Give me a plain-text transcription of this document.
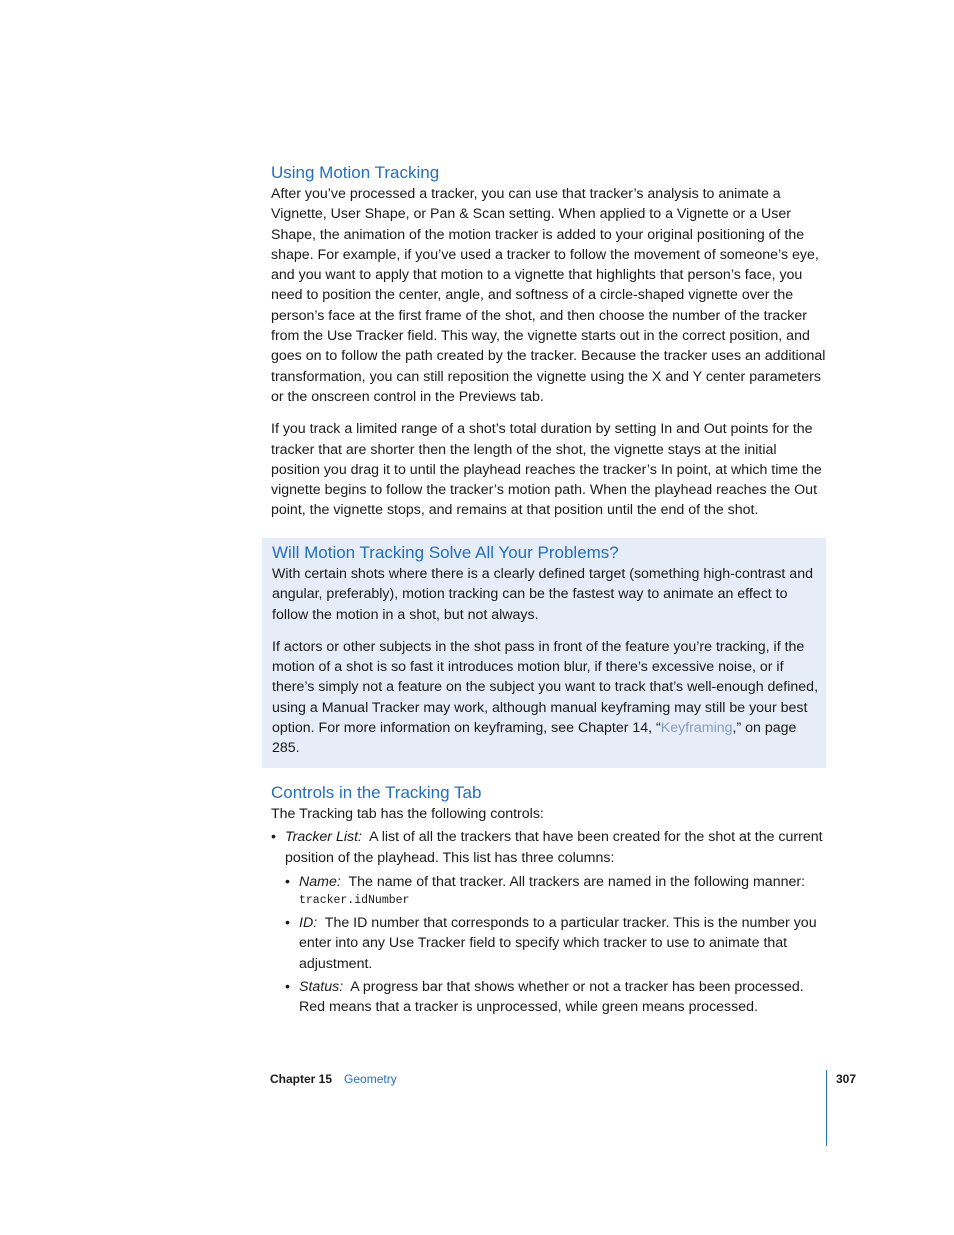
Using Motion Tracking

After you’ve processed a tracker, you can use that tracker’s analysis to animate a Vignette, User Shape, or Pan & Scan setting. When applied to a Vignette or a User Shape, the animation of the motion tracker is added to your original positioning of the shape. For example, if you’ve used a tracker to follow the movement of someone’s eye, and you want to apply that motion to a vignette that highlights that person’s face, you need to position the center, angle, and softness of a circle-shaped vignette over the person’s face at the first frame of the shot, and then choose the number of the tracker from the Use Tracker field. This way, the vignette starts out in the correct position, and goes on to follow the path created by the tracker. Because the tracker uses an additional transformation, you can still reposition the vignette using the X and Y center parameters or the onscreen control in the Previews tab.

If you track a limited range of a shot’s total duration by setting In and Out points for the tracker that are shorter then the length of the shot, the vignette stays at the initial position you drag it to until the playhead reaches the tracker’s In point, at which time the vignette begins to follow the tracker’s motion path. When the playhead reaches the Out point, the vignette stops, and remains at that position until the end of the shot.

Will Motion Tracking Solve All Your Problems?

With certain shots where there is a clearly defined target (something high-contrast and angular, preferably), motion tracking can be the fastest way to animate an effect to follow the motion in a shot, but not always.

If actors or other subjects in the shot pass in front of the feature you’re tracking, if the motion of a shot is so fast it introduces motion blur, if there’s excessive noise, or if there’s simply not a feature on the subject you want to track that’s well-enough defined, using a Manual Tracker may work, although manual keyframing may still be your best option. For more information on keyframing, see Chapter 14, “Keyframing,” on page 285.

Controls in the Tracking Tab

The Tracking tab has the following controls:

• Tracker List: A list of all the trackers that have been created for the shot at the current position of the playhead. This list has three columns:
• Name: The name of that tracker. All trackers are named in the following manner:
tracker.idNumber
• ID: The ID number that corresponds to a particular tracker. This is the number you enter into any Use Tracker field to specify which tracker to use to animate that adjustment.
• Status: A progress bar that shows whether or not a tracker has been processed. Red means that a tracker is unprocessed, while green means processed.
Chapter 15 Geometry	307
